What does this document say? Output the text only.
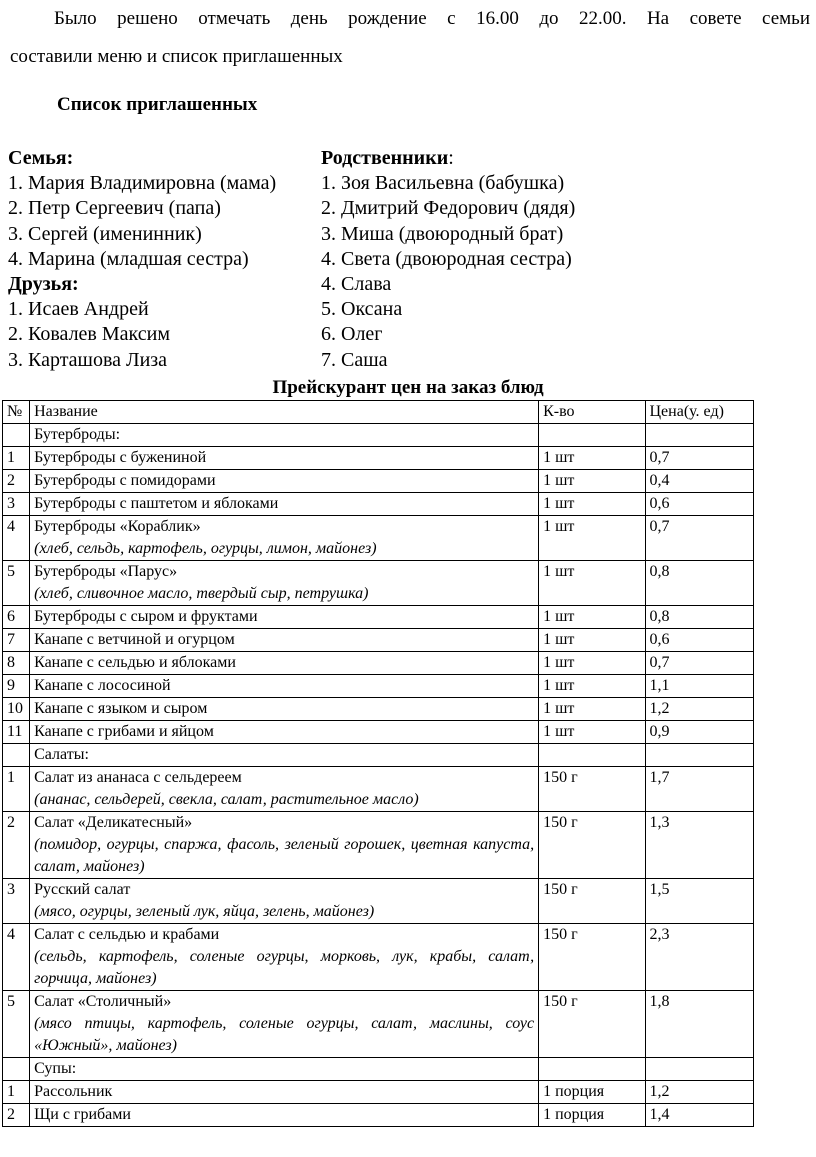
Было решено отмечать день рождение с 16.00 до 22.00. На совете семьи
составили меню и список приглашенных
Список приглашенных
Семья:
1. Мария Владимировна (мама)
2. Петр Сергеевич (папа)
3. Сергей (именинник)
4. Марина (младшая сестра)
Друзья:
1. Исаев Андрей
2. Ковалев Максим
3. Карташова Лиза
Родственники:
1. Зоя Васильевна (бабушка)
2. Дмитрий Федорович (дядя)
3. Миша (двоюродный брат)
4. Света (двоюродная сестра)
4. Слава
5. Оксана
6. Олег
7. Саша
Прейскурант цен на заказ блюд
№	Название	К-во	Цена(у. ед)

	Бутерброды:		

1	Бутерброды с бужениной	1 шт	0,7
2	Бутерброды с помидорами	1 шт	0,4
3	Бутерброды с паштетом и яблоками	1 шт	0,6
4	Бутерброды «Кораблик»
(хлеб, сельдь, картофель, огурцы, лимон, майонез)	1 шт	0,7
5	Бутерброды «Парус»
(хлеб, сливочное масло, твердый сыр, петрушка)	1 шт	0,8
6	Бутерброды с сыром и фруктами	1 шт	0,8
7	Канапе с ветчиной и огурцом	1 шт	0,6
8	Канапе с сельдью и яблоками	1 шт	0,7
9	Канапе с лососиной	1 шт	1,1
10	Канапе с языком и сыром	1 шт	1,2
11	Канапе с грибами и яйцом	1 шт	0,9

	Салаты:		

1	Салат из ананаса с сельдереем
(ананас, сельдерей, свекла, салат, растительное масло)	150 г	1,7
2	Салат «Деликатесный»
(помидор, огурцы, спаржа, фасоль, зеленый горошек, цветная капуста, салат, майонез)	150 г	1,3
3	Русский салат
(мясо, огурцы, зеленый лук, яйца, зелень, майонез)	150 г	1,5
4	Салат с сельдью и крабами
(сельдь, картофель, соленые огурцы, морковь, лук, крабы, салат, горчица, майонез)	150 г	2,3
5	Салат «Столичный»
(мясо птицы, картофель, соленые огурцы, салат, маслины, соус «Южный», майонез)	150 г	1,8

	Супы:		

1	Рассольник	1 порция	1,2
2	Щи с грибами	1 порция	1,4
